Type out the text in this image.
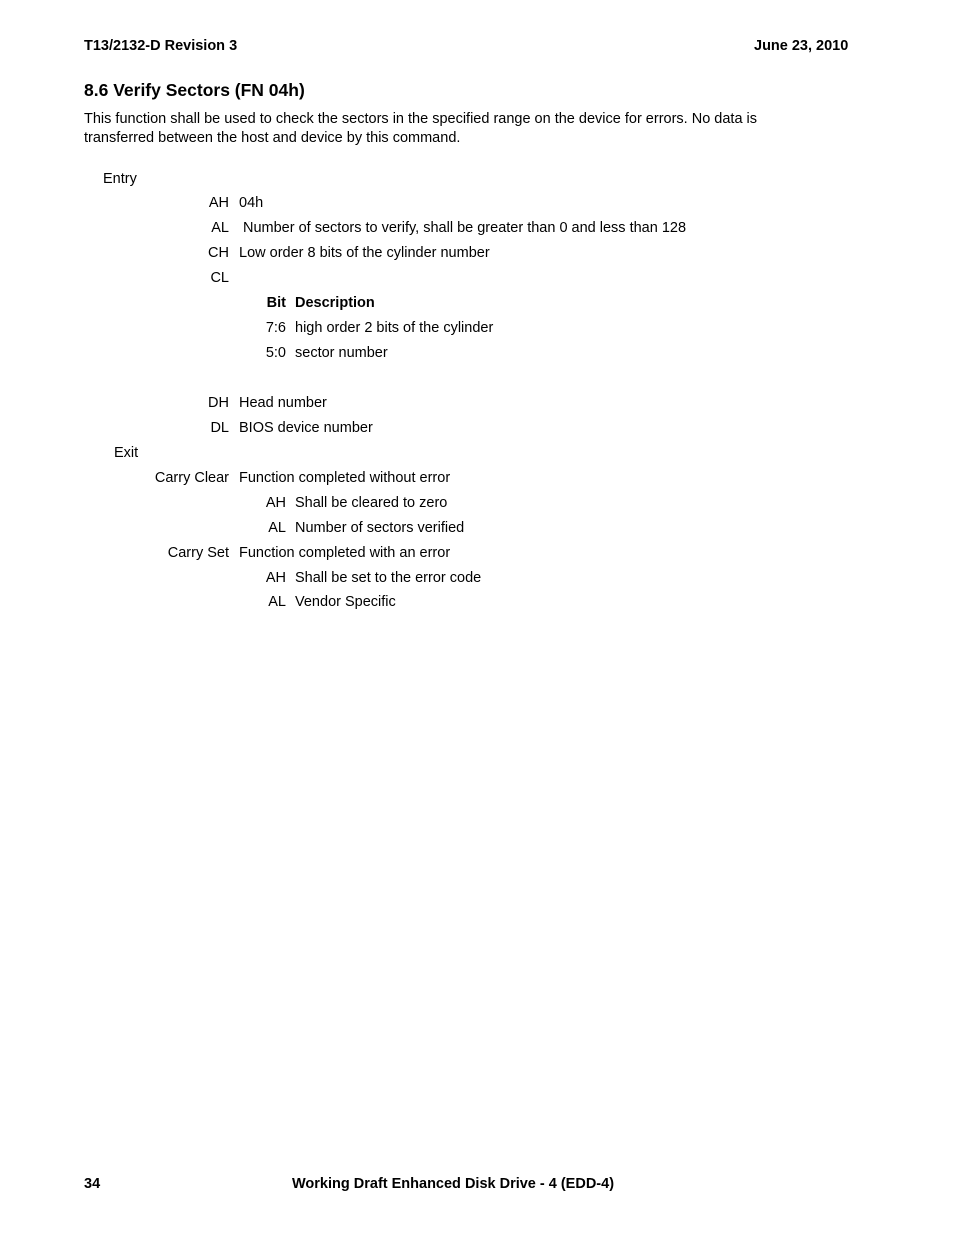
T13/2132-D Revision 3	June 23, 2010
8.6 Verify Sectors (FN 04h)
This function shall be used to check the sectors in the specified range on the device for errors. No data is
transferred between the host and device by this command.
Entry
AH 04h
AL Number of sectors to verify, shall be greater than 0 and less than 128
CH Low order 8 bits of the cylinder number
CL
Bit Description
7:6 high order 2 bits of the cylinder
5:0 sector number
DH Head number
DL BIOS device number
Exit
Carry Clear Function completed without error
AH Shall be cleared to zero
AL Number of sectors verified
Carry Set Function completed with an error
AH Shall be set to the error code
AL Vendor Specific
34	Working Draft Enhanced Disk Drive - 4 (EDD-4)
